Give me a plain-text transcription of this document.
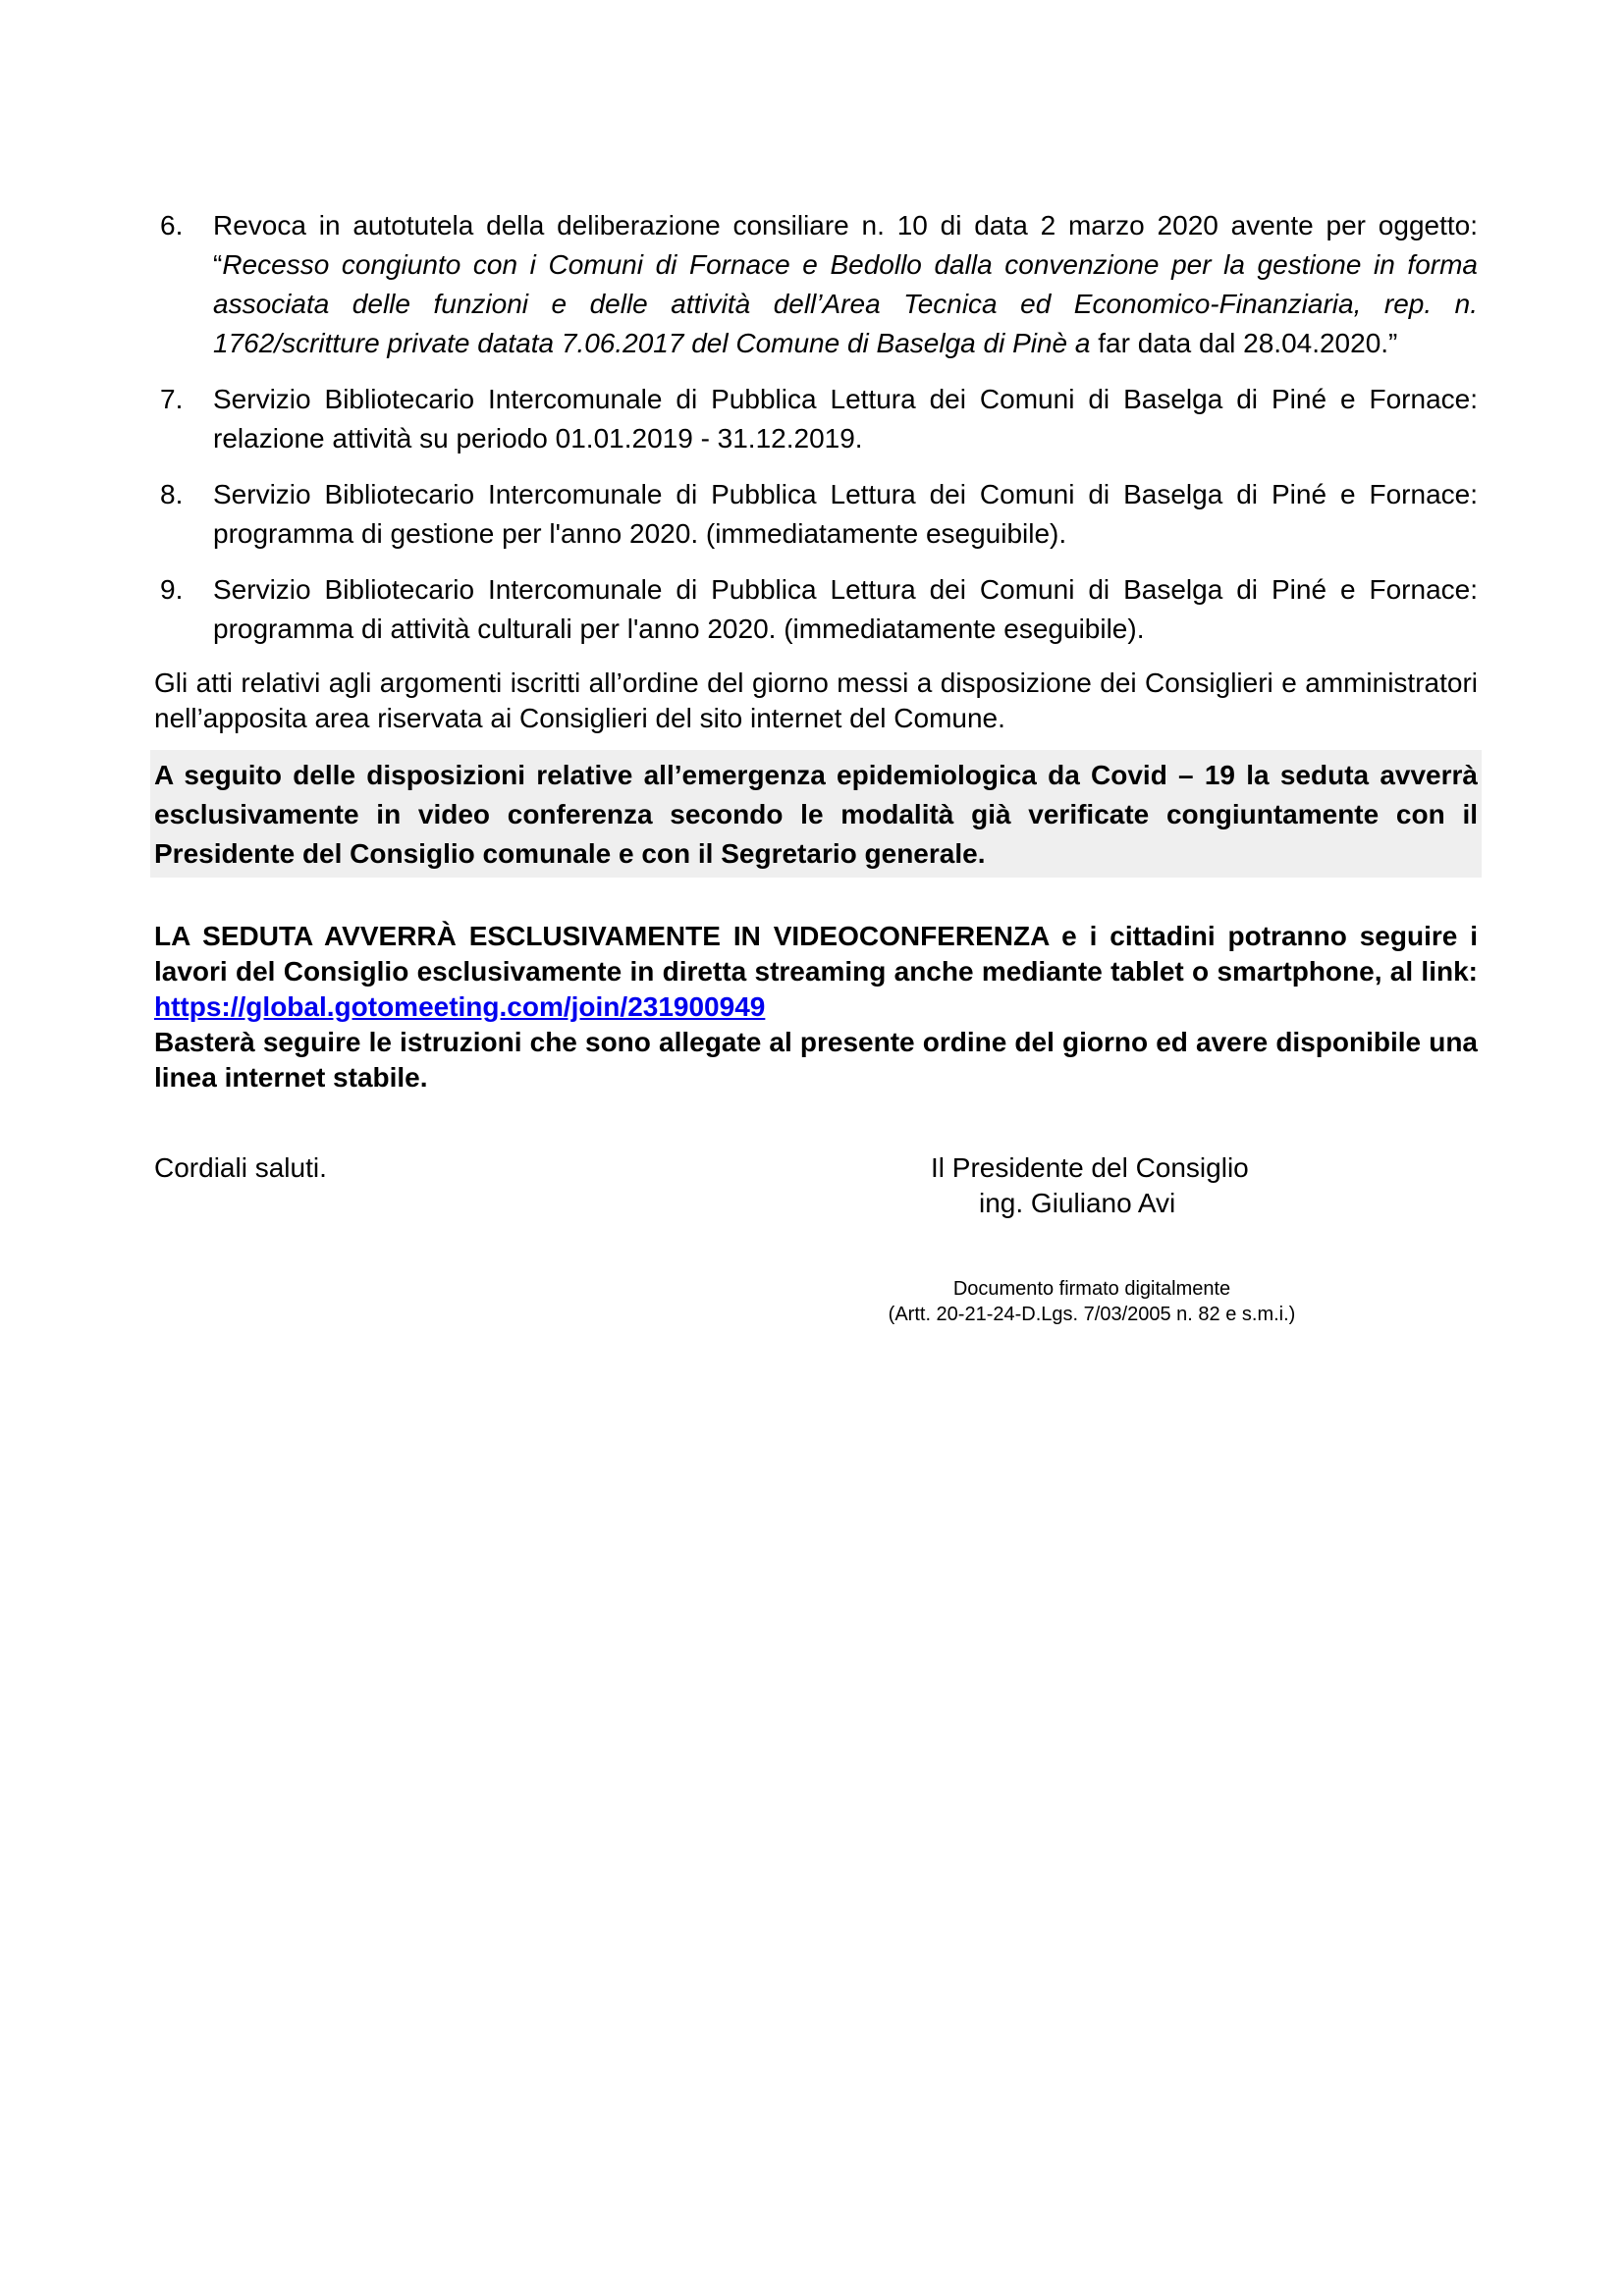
6.	Revoca in autotutela della deliberazione consiliare n. 10 di data 2 marzo 2020 avente per oggetto: “Recesso congiunto con i Comuni di Fornace e Bedollo dalla convenzione per la gestione in forma associata delle funzioni e delle attività dell’Area Tecnica ed Economico-Finanziaria, rep. n. 1762/scritture private datata 7.06.2017 del Comune di Baselga di Pinè a far data dal 28.04.2020.”
7.	Servizio Bibliotecario Intercomunale di Pubblica Lettura dei Comuni di Baselga di Piné e Fornace: relazione attività su periodo 01.01.2019 - 31.12.2019.
8.	Servizio Bibliotecario Intercomunale di Pubblica Lettura dei Comuni di Baselga di Piné e Fornace: programma di gestione per l'anno 2020. (immediatamente eseguibile).
9.	Servizio Bibliotecario Intercomunale di Pubblica Lettura dei Comuni di Baselga di Piné e Fornace: programma di attività culturali per l'anno 2020. (immediatamente eseguibile).
Gli atti relativi agli argomenti iscritti all’ordine del giorno messi a disposizione dei Consiglieri e amministratori nell’apposita area riservata ai Consiglieri del sito internet del Comune.
A seguito delle disposizioni relative all’emergenza epidemiologica da Covid – 19 la seduta avverrà esclusivamente in video conferenza secondo le modalità già verificate congiuntamente con il Presidente del Consiglio comunale e con il Segretario generale.
LA SEDUTA AVVERRÀ ESCLUSIVAMENTE IN VIDEOCONFERENZA e i cittadini potranno seguire i lavori del Consiglio esclusivamente in diretta streaming anche mediante tablet o smartphone, al link: https://global.gotomeeting.com/join/231900949
Basterà seguire le istruzioni che sono allegate al presente ordine del giorno ed avere disponibile una linea internet stabile.
Cordiali saluti.	Il Presidente del Consiglio
ing. Giuliano Avi
Documento firmato digitalmente
(Artt. 20-21-24-D.Lgs. 7/03/2005 n. 82 e s.m.i.)
